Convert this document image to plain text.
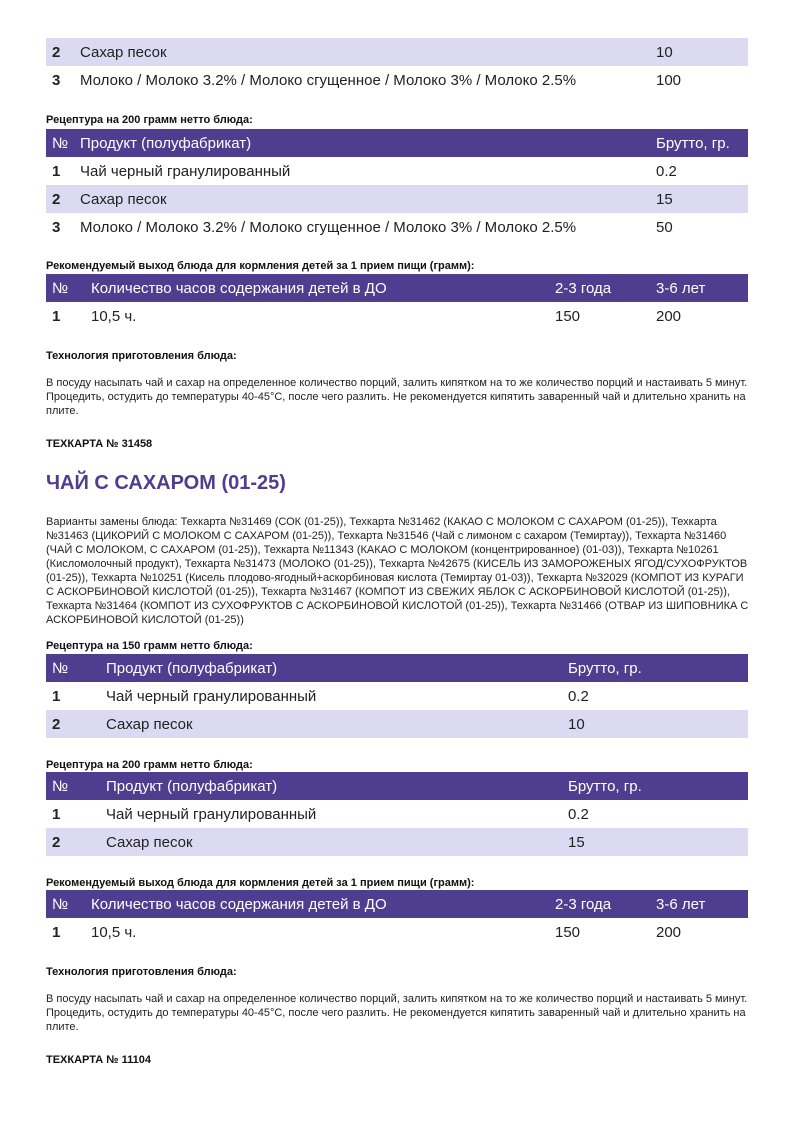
2	Сахар песок	10
3	Молоко / Молоко 3.2% / Молоко сгущенное / Молоко 3% / Молоко 2.5%	100
Рецептура на 200 грамм нетто блюда:
№	Продукт (полуфабрикат)	Брутто, гр.
1	Чай черный гранулированный	0.2
2	Сахар песок	15
3	Молоко / Молоко 3.2% / Молоко сгущенное / Молоко 3% / Молоко 2.5%	50
Рекомендуемый выход блюда для кормления детей за 1 прием пищи (грамм):
№	Количество часов содержания детей в ДО	2-3 года	3-6 лет
1	10,5 ч.	150	200
Технология приготовления блюда:
В посуду насыпать чай и сахар на определенное количество порций, залить кипятком на то же количество порций и настаивать 5 минут. Процедить, остудить до температуры 40-45°С, после чего разлить. Не рекомендуется кипятить заваренный чай и длительно хранить на плите.
ТЕХКАРТА № 31458
ЧАЙ С САХАРОМ (01-25)
Варианты замены блюда: Техкарта №31469 (СОК (01-25)), Техкарта №31462 (КАКАО С МОЛОКОМ С САХАРОМ (01-25)), Техкарта №31463 (ЦИКОРИЙ С МОЛОКОМ С САХАРОМ (01-25)), Техкарта №31546 (Чай с лимоном с сахаром (Темиртау)), Техкарта №31460 (ЧАЙ С МОЛОКОМ, С САХАРОМ (01-25)), Техкарта №11343 (КАКАО С МОЛОКОМ (концентрированное) (01-03)), Техкарта №10261 (Кисломолочный продукт), Техкарта №31473 (МОЛОКО (01-25)), Техкарта №42675 (КИСЕЛЬ ИЗ ЗАМОРОЖЕНЫХ ЯГОД/СУХОФРУКТОВ (01-25)), Техкарта №10251 (Кисель плодово-ягодный+аскорбиновая кислота (Темиртау 01-03)), Техкарта №32029 (КОМПОТ ИЗ КУРАГИ С АСКОРБИНОВОЙ КИСЛОТОЙ (01-25)), Техкарта №31467 (КОМПОТ ИЗ СВЕЖИХ ЯБЛОК С АСКОРБИНОВОЙ КИСЛОТОЙ (01-25)), Техкарта №31464 (КОМПОТ ИЗ СУХОФРУКТОВ С АСКОРБИНОВОЙ КИСЛОТОЙ (01-25)), Техкарта №31466 (ОТВАР ИЗ ШИПОВНИКА С АСКОРБИНОВОЙ КИСЛОТОЙ (01-25))
Рецептура на 150 грамм нетто блюда:
№	Продукт (полуфабрикат)	Брутто, гр.
1	Чай черный гранулированный	0.2
2	Сахар песок	10
Рецептура на 200 грамм нетто блюда:
№	Продукт (полуфабрикат)	Брутто, гр.
1	Чай черный гранулированный	0.2
2	Сахар песок	15
Рекомендуемый выход блюда для кормления детей за 1 прием пищи (грамм):
№	Количество часов содержания детей в ДО	2-3 года	3-6 лет
1	10,5 ч.	150	200
Технология приготовления блюда:
В посуду насыпать чай и сахар на определенное количество порций, залить кипятком на то же количество порций и настаивать 5 минут. Процедить, остудить до температуры 40-45°С, после чего разлить. Не рекомендуется кипятить заваренный чай и длительно хранить на плите.
ТЕХКАРТА № 11104
